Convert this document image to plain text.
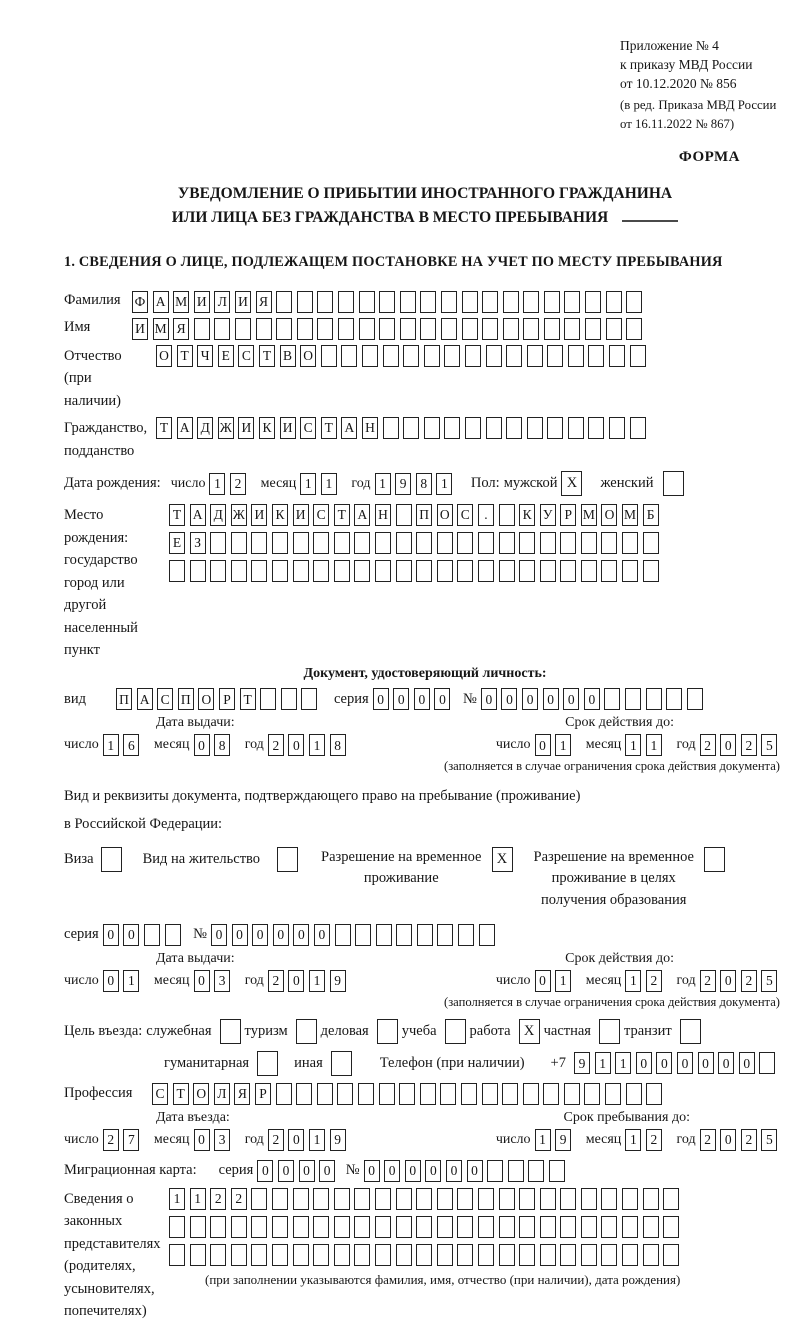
Приложение № 4
к приказу МВД России
от 10.12.2020 № 856
(в ред. Приказа МВД России
от 16.11.2022 № 867)
ФОРМА
УВЕДОМЛЕНИЕ О ПРИБЫТИИ ИНОСТРАННОГО ГРАЖДАНИНА
ИЛИ ЛИЦА БЕЗ ГРАЖДАНСТВА В МЕСТО ПРЕБЫВАНИЯ
1. СВЕДЕНИЯ О ЛИЦЕ, ПОДЛЕЖАЩЕМ ПОСТАНОВКЕ НА УЧЕТ ПО МЕСТУ ПРЕБЫВАНИЯ
Фамилия	Ф А М И Л И Я
Имя	И М Я
Отчество
(при наличии)
О Т Ч Е С Т В О
Гражданство,
подданство
Т А Д Ж И К И С Т А Н
Дата рождения: число 1	2	месяц 1	1	год 1	9	8	1	Пол: мужской X	женский
Место рождения:
государство
город или другой
населенный пункт
Т А Д Ж И К И С Т А Н П О С	.	К У Р М О М Б
Е З
Документ, удостоверяющий личность:
вид	П А С П О Р Т	серия 0	0	0	0	№ 0	0	0	0	0	0
Дата выдачи:	Срок действия до:
число 1	6	месяц 0	8	год 2	0	1	8	число 0	1	месяц 1	1	год 2	0	2	5
(заполняется в случае ограничения срока действия документа)
Вид и реквизиты документа, подтверждающего право на пребывание (проживание)
в Российской Федерации:
Виза	Вид на жительство	Разрешение на временное
проживание
X	Разрешение на временное
проживание в целях
получения образования
серия 0	0	№ 0	0	0	0	0	0
Дата выдачи:	Срок действия до:
число 0	1	месяц 0	3	год 2	0	1	9	число 0	1	месяц 1	2	год 2	0	2	5
(заполняется в случае ограничения срока действия документа)
Цель въезда: служебная туризм деловая учеба работа X частная транзит
гуманитарная	иная	Телефон (при наличии) +7 9	1	1	0	0	0	0	0	0
Профессия	С Т О Л Я Р
Дата въезда:	Срок пребывания до:
число 2	7	месяц 0	3	год 2	0	1	9	число 1	9	месяц 1	2	год 2	0	2	5
Миграционная карта: серия 0	0	0	0	№ 0	0	0	0	0	0
Сведения о
законных
представителях
(родителях,
усыновителях,
попечителях)
1	1	2	2
(при заполнении указываются фамилия, имя, отчество (при наличии), дата рождения)
